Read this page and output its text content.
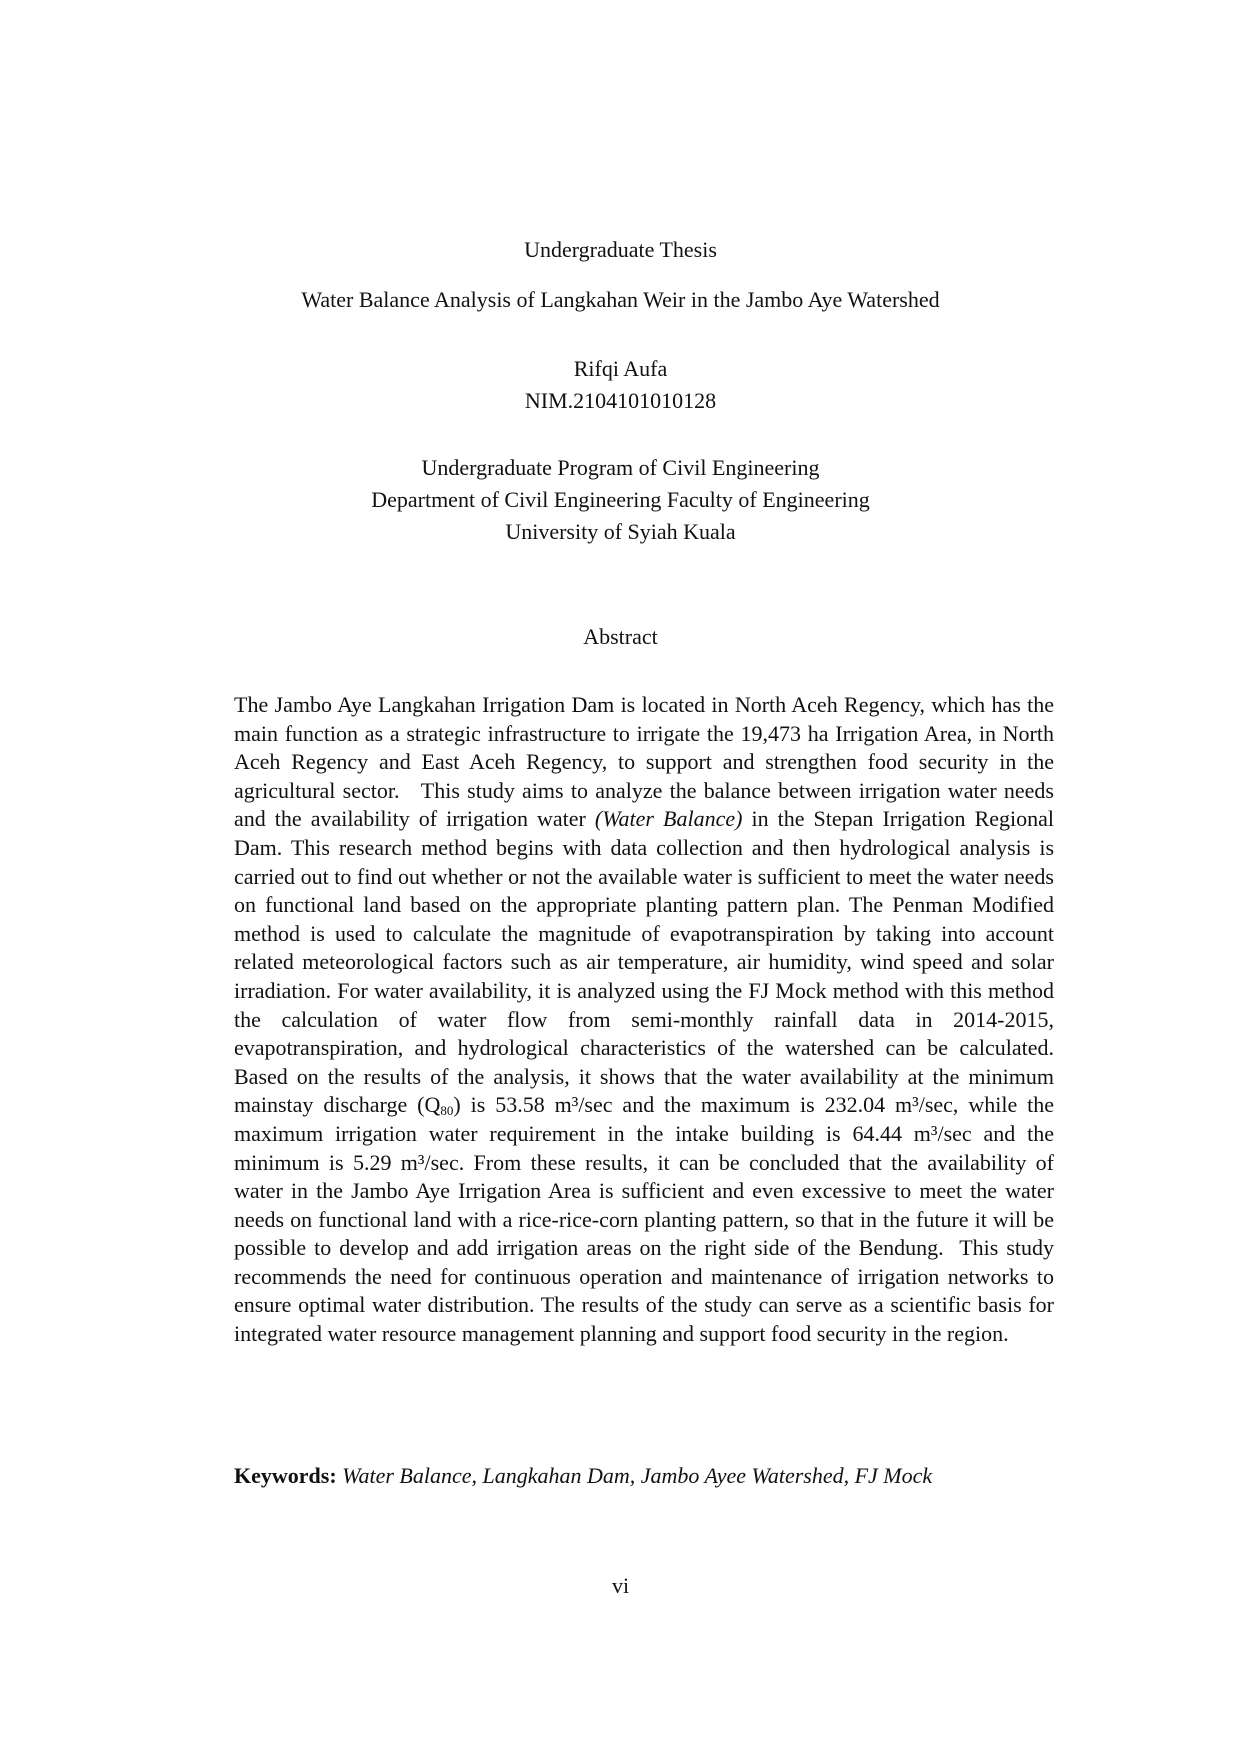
Undergraduate Thesis
Water Balance Analysis of Langkahan Weir in the Jambo Aye Watershed
Rifqi Aufa
NIM.2104101010128
Undergraduate Program of Civil Engineering
Department of Civil Engineering Faculty of Engineering
University of Syiah Kuala
Abstract
The Jambo Aye Langkahan Irrigation Dam is located in North Aceh Regency, which has the main function as a strategic infrastructure to irrigate the 19,473 ha Irrigation Area, in North Aceh Regency and East Aceh Regency, to support and strengthen food security in the agricultural sector.   This study aims to analyze the balance between irrigation water needs and the availability of irrigation water (Water Balance) in the Stepan Irrigation Regional Dam. This research method begins with data collection and then hydrological analysis is carried out to find out whether or not the available water is sufficient to meet the water needs on functional land based on the appropriate planting pattern plan. The Penman Modified method is used to calculate the magnitude of evapotranspiration by taking into account related meteorological factors such as air temperature, air humidity, wind speed and solar irradiation. For water availability, it is analyzed using the FJ Mock method with this method the calculation of water flow from semi-monthly rainfall data in 2014-2015, evapotranspiration, and hydrological characteristics of the watershed can be calculated. Based on the results of the analysis, it shows that the water availability at the minimum mainstay discharge $(Q_{80})$ is 53.58 m³/sec and the maximum is 232.04 m³/sec, while the maximum irrigation water requirement in the intake building is 64.44 m³/sec and the minimum is 5.29 m³/sec. From these results, it can be concluded that the availability of water in the Jambo Aye Irrigation Area is sufficient and even excessive to meet the water needs on functional land with a rice-rice-corn planting pattern, so that in the future it will be possible to develop and add irrigation areas on the right side of the Bendung.  This study recommends the need for continuous operation and maintenance of irrigation networks to ensure optimal water distribution. The results of the study can serve as a scientific basis for integrated water resource management planning and support food security in the region.
Keywords: Water Balance, Langkahan Dam, Jambo Ayee Watershed, FJ Mock
vi
